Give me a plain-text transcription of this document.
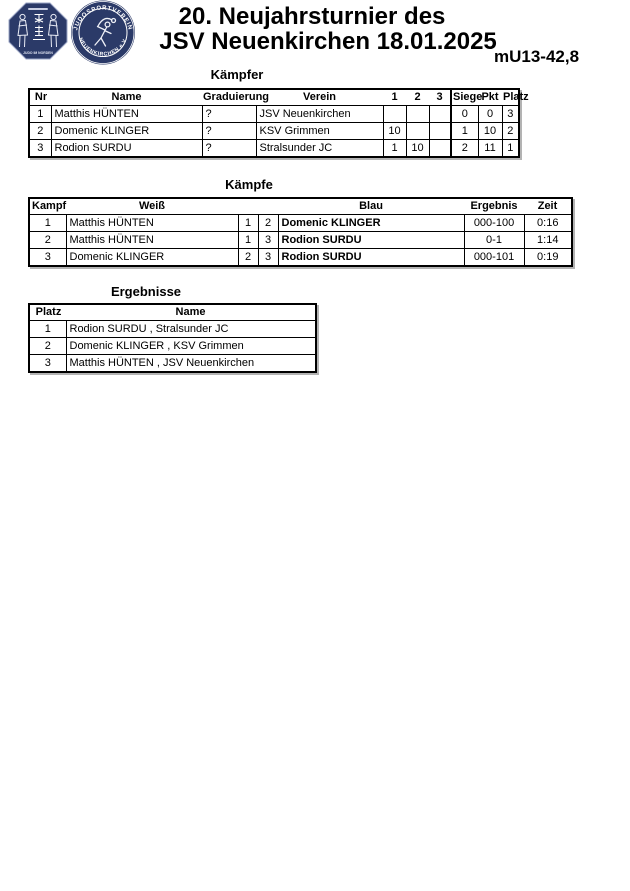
JUDO IM NORDEN
JUDOSPORTVEREIN
NEUENKIRCHEN e.V.
20. Neujahrsturnier des
JSV Neuenkirchen 18.01.2025
mU13-42,8
Kämpfer
Nr	Name	Graduierung	Verein	1	2	3	Siege	Pkt	Platz
1	Matthis HÜNTEN	?	JSV Neuenkirchen				0	0	3
2	Domenic KLINGER	?	KSV Grimmen	10			1	10	2
3	Rodion SURDU	?	Stralsunder JC	1	10		2	11	1
Kämpfe
Kampf	Weiß			Blau	Ergebnis	Zeit
1	Matthis HÜNTEN	1	2	Domenic KLINGER	000-100	0:16
2	Matthis HÜNTEN	1	3	Rodion SURDU	0-1	1:14
3	Domenic KLINGER	2	3	Rodion SURDU	000-101	0:19
Ergebnisse
Platz	Name
1	Rodion SURDU , Stralsunder JC
2	Domenic KLINGER , KSV Grimmen
3	Matthis HÜNTEN , JSV Neuenkirchen
